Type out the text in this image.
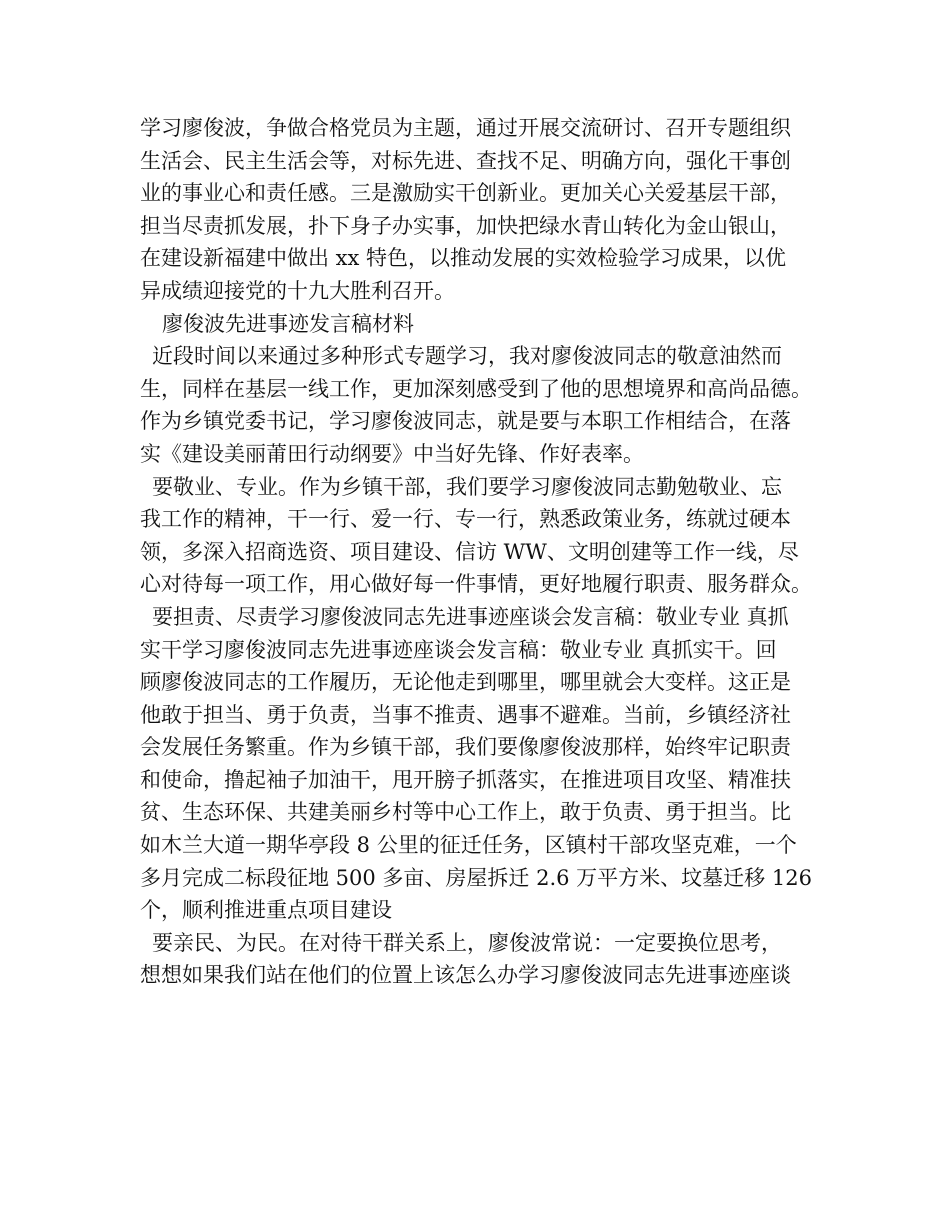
学习廖俊波，争做合格党员为主题，通过开展交流研讨、召开专题组织
生活会、民主生活会等，对标先进、查找不足、明确方向，强化干事创
业的事业心和责任感。三是激励实干创新业。更加关心关爱基层干部，
担当尽责抓发展，扑下身子办实事，加快把绿水青山转化为金山银山，
在建设新福建中做出 xx 特色，以推动发展的实效检验学习成果，以优
异成绩迎接党的十九大胜利召开。
廖俊波先进事迹发言稿材料
近段时间以来通过多种形式专题学习，我对廖俊波同志的敬意油然而
生，同样在基层一线工作，更加深刻感受到了他的思想境界和高尚品德。
作为乡镇党委书记，学习廖俊波同志，就是要与本职工作相结合，在落
实《建设美丽莆田行动纲要》中当好先锋、作好表率。
要敬业、专业。作为乡镇干部，我们要学习廖俊波同志勤勉敬业、忘
我工作的精神，干一行、爱一行、专一行，熟悉政策业务，练就过硬本
领，多深入招商选资、项目建设、信访 WW、文明创建等工作一线，尽
心对待每一项工作，用心做好每一件事情，更好地履行职责、服务群众。
要担责、尽责学习廖俊波同志先进事迹座谈会发言稿：敬业专业 真抓
实干学习廖俊波同志先进事迹座谈会发言稿：敬业专业 真抓实干。回
顾廖俊波同志的工作履历，无论他走到哪里，哪里就会大变样。这正是
他敢于担当、勇于负责，当事不推责、遇事不避难。当前，乡镇经济社
会发展任务繁重。作为乡镇干部，我们要像廖俊波那样，始终牢记职责
和使命，撸起袖子加油干，甩开膀子抓落实，在推进项目攻坚、精准扶
贫、生态环保、共建美丽乡村等中心工作上，敢于负责、勇于担当。比
如木兰大道一期华亭段 8 公里的征迁任务，区镇村干部攻坚克难，一个
多月完成二标段征地 500 多亩、房屋拆迁 2.6 万平方米、坟墓迁移 126
个，顺利推进重点项目建设
要亲民、为民。在对待干群关系上，廖俊波常说：一定要换位思考，
想想如果我们站在他们的位置上该怎么办学习廖俊波同志先进事迹座谈
